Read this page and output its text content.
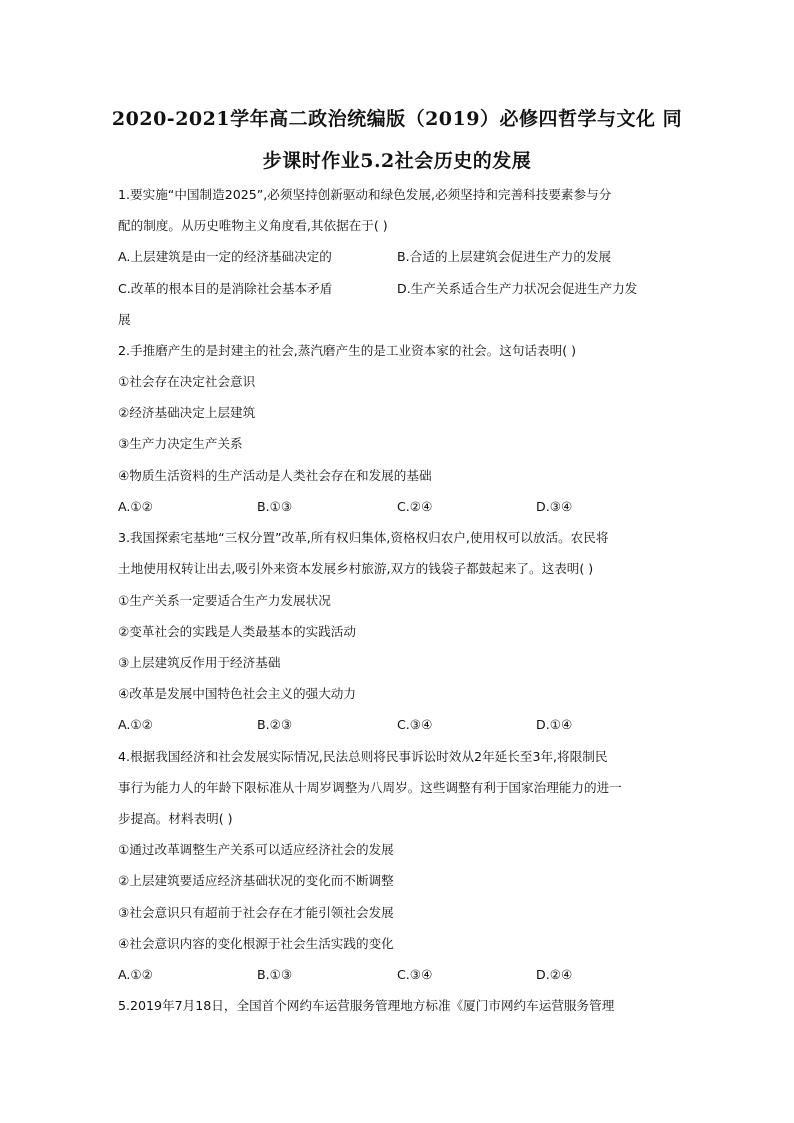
2020-2021学年高二政治统编版（2019）必修四哲学与文化 同
步课时作业5.2社会历史的发展
1.要实施“中国制造2025”,必须坚持创新驱动和绿色发展,必须坚持和完善科技要素参与分
配的制度。从历史唯物主义角度看,其依据在于( )
A.上层建筑是由一定的经济基础决定的	B.合适的上层建筑会促进生产力的发展
C.改革的根本目的是消除社会基本矛盾	D.生产关系适合生产力状况会促进生产力发
展
2.手推磨产生的是封建主的社会,蒸汽磨产生的是工业资本家的社会。这句话表明( )
①社会存在决定社会意识
②经济基础决定上层建筑
③生产力决定生产关系
④物质生活资料的生产活动是人类社会存在和发展的基础
A.①②	B.①③	C.②④	D.③④
3.我国探索宅基地“三权分置”改革,所有权归集体,资格权归农户,使用权可以放活。农民将
土地使用权转让出去,吸引外来资本发展乡村旅游,双方的钱袋子都鼓起来了。这表明( )
①生产关系一定要适合生产力发展状况
②变革社会的实践是人类最基本的实践活动
③上层建筑反作用于经济基础
④改革是发展中国特色社会主义的强大动力
A.①②	B.②③	C.③④	D.①④
4.根据我国经济和社会发展实际情况,民法总则将民事诉讼时效从2年延长至3年,将限制民
事行为能力人的年龄下限标准从十周岁调整为八周岁。这些调整有利于国家治理能力的进一
步提高。材料表明( )
①通过改革调整生产关系可以适应经济社会的发展
②上层建筑要适应经济基础状况的变化而不断调整
③社会意识只有超前于社会存在才能引领社会发展
④社会意识内容的变化根源于社会生活实践的变化
A.①②	B.①③	C.③④	D.②④
5.2019年7月18日，全国首个网约车运营服务管理地方标准《厦门市网约车运营服务管理
